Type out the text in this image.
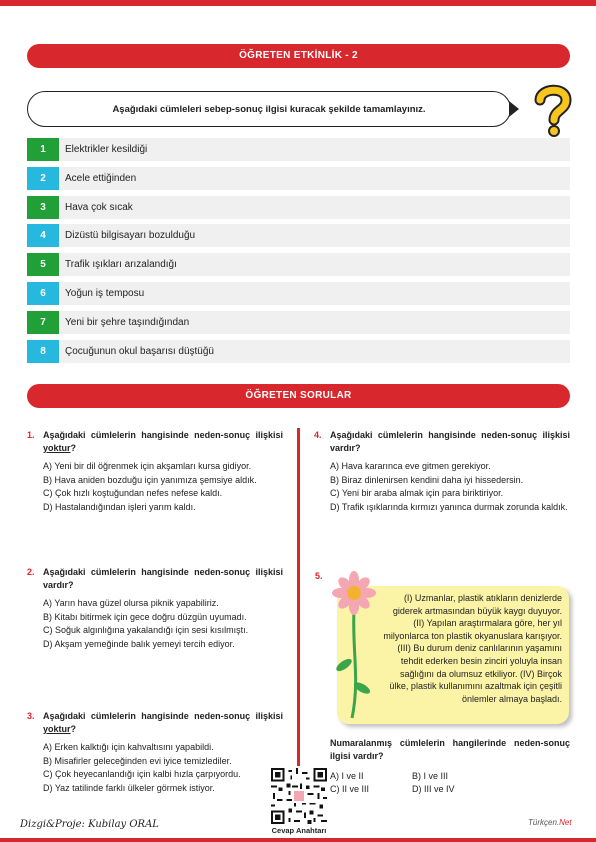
ÖĞRETEN ETKİNLİK - 2
Aşağıdaki cümleleri sebep-sonuç ilgisi kuracak şekilde tamamlayınız.
1	Elektrikler kesildiği
2	Acele ettiğinden
3	Hava çok sıcak
4	Dizüstü bilgisayarı bozulduğu
5	Trafik ışıkları arızalandığı
6	Yoğun iş temposu
7	Yeni bir şehre taşındığından
8	Çocuğunun okul başarısı düştüğü
ÖĞRETEN SORULAR
1. Aşağıdaki cümlelerin hangisinde neden-sonuç ilişkisi yoktur?
A) Yeni bir dil öğrenmek için akşamları kursa gidiyor.
B) Hava aniden bozduğu için yanımıza şemsiye aldık.
C) Çok hızlı koştuğundan nefes nefese kaldı.
D) Hastalandığından işleri yarım kaldı.
2. Aşağıdaki cümlelerin hangisinde neden-sonuç ilişkisi vardır?
A) Yarın hava güzel olursa piknik yapabiliriz.
B) Kitabı bitirmek için gece doğru düzgün uyumadı.
C) Soğuk algınlığına yakalandığı için sesi kısılmıştı.
D) Akşam yemeğinde balık yemeyi tercih ediyor.
3. Aşağıdaki cümlelerin hangisinde neden-sonuç ilişkisi yoktur?
A) Erken kalktığı için kahvaltısını yapabildi.
B) Misafirler geleceğinden evi iyice temizlediler.
C) Çok heyecanlandığı için kalbi hızla çarpıyordu.
D) Yaz tatilinde farklı ülkeler görmek istiyor.
4. Aşağıdaki cümlelerin hangisinde neden-sonuç ilişkisi vardır?
A) Hava kararınca eve gitmen gerekiyor.
B) Biraz dinlenirsen kendini daha iyi hissedersin.
C) Yeni bir araba almak için para biriktiriyor.
D) Trafik ışıklarında kırmızı yanınca durmak zorunda kaldık.
5.
(I) Uzmanlar, plastik atıkların denizlerde
giderek artmasından büyük kaygı duyuyor.
(II) Yapılan araştırmalara göre, her yıl
milyonlarca ton plastik okyanuslara karışıyor.
(III) Bu durum deniz canlılarının yaşamını
tehdit ederken besin zinciri yoluyla insan
sağlığını da olumsuz etkiliyor. (IV) Birçok
ülke, plastik kullanımını azaltmak için çeşitli
önlemler almaya başladı.
Numaralanmış cümlelerin hangilerinde neden-sonuç ilgisi vardır?
A) I ve II	B) I ve III
C) II ve III	D) III ve IV
Cevap Anahtarı
Dizgi&Proje: Kubilay ORAL	Türkçen.Net
